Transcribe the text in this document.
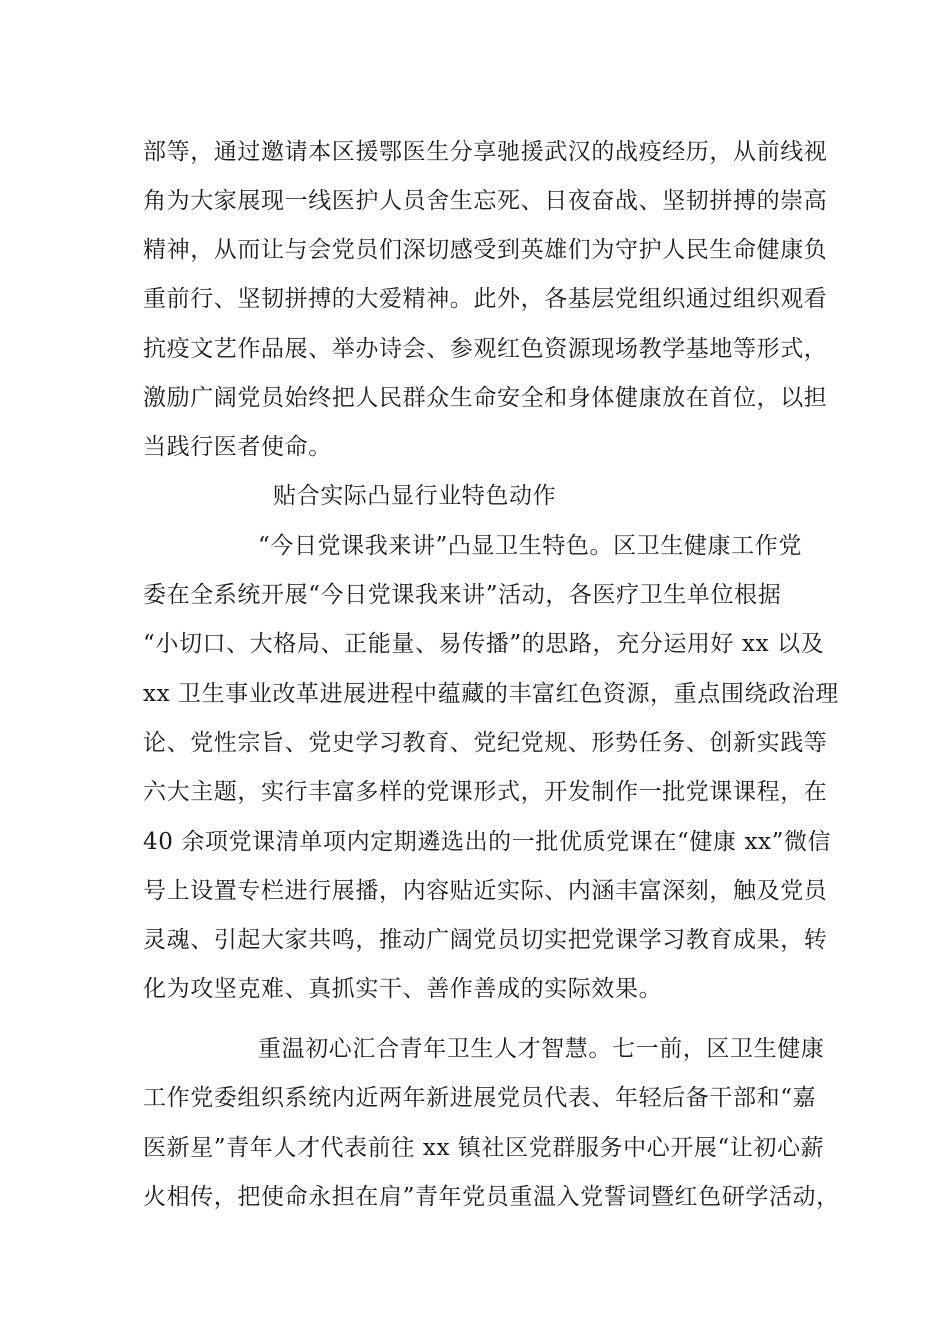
部等，通过邀请本区援鄂医生分享驰援武汉的战疫经历，从前线视
角为大家展现一线医护人员舍生忘死、日夜奋战、坚韧拼搏的崇高
精神，从而让与会党员们深切感受到英雄们为守护人民生命健康负
重前行、坚韧拼搏的大爱精神。此外，各基层党组织通过组织观看
抗疫文艺作品展、举办诗会、参观红色资源现场教学基地等形式，
激励广阔党员始终把人民群众生命安全和身体健康放在首位，以担
当践行医者使命。
贴合实际凸显行业特色动作
“今日党课我来讲”凸显卫生特色。区卫生健康工作党
委在全系统开展“今日党课我来讲”活动，各医疗卫生单位根据
“小切口、大格局、正能量、易传播”的思路，充分运用好 xx 以及
xx 卫生事业改革进展进程中蕴藏的丰富红色资源，重点围绕政治理
论、党性宗旨、党史学习教育、党纪党规、形势任务、创新实践等
六大主题，实行丰富多样的党课形式，开发制作一批党课课程，在
40 余项党课清单项内定期遴选出的一批优质党课在“健康 xx”微信
号上设置专栏进行展播，内容贴近实际、内涵丰富深刻，触及党员
灵魂、引起大家共鸣，推动广阔党员切实把党课学习教育成果，转
化为攻坚克难、真抓实干、善作善成的实际效果。
重温初心汇合青年卫生人才智慧。七一前，区卫生健康
工作党委组织系统内近两年新进展党员代表、年轻后备干部和“嘉
医新星”青年人才代表前往 xx 镇社区党群服务中心开展“让初心薪
火相传，把使命永担在肩”青年党员重温入党誓词暨红色研学活动，
